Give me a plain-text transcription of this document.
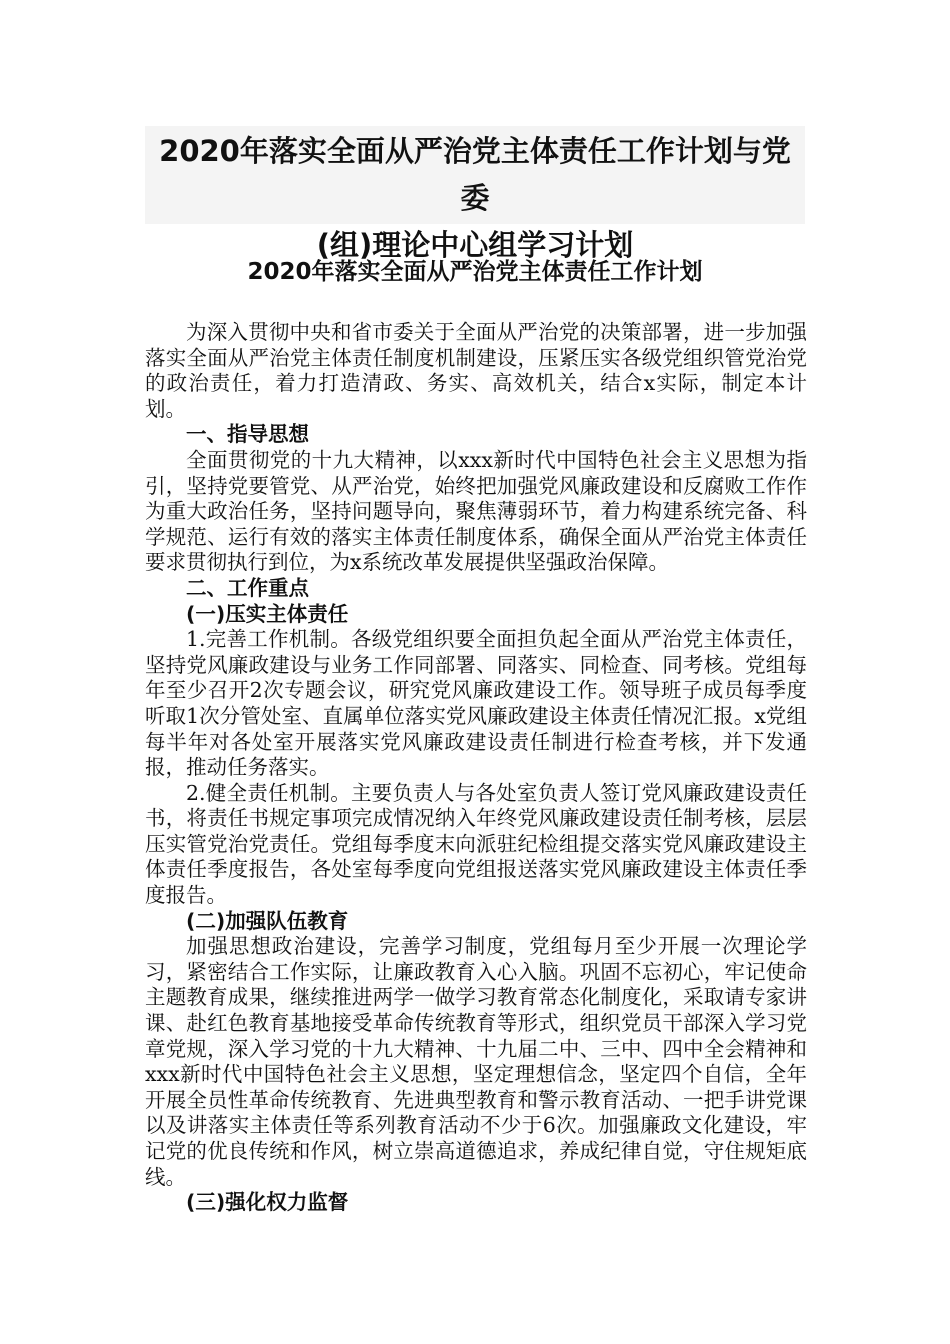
2020年落实全面从严治党主体责任工作计划与党委
(组)理论中心组学习计划
2020年落实全面从严治党主体责任工作计划

为深入贯彻中央和省市委关于全面从严治党的决策部署，进一步加强落实全面从严治党主体责任制度机制建设，压紧压实各级党组织管党治党的政治责任，着力打造清政、务实、高效机关，结合x实际，制定本计划。

一、指导思想

全面贯彻党的十九大精神，以xxx新时代中国特色社会主义思想为指引，坚持党要管党、从严治党，始终把加强党风廉政建设和反腐败工作作为重大政治任务，坚持问题导向，聚焦薄弱环节，着力构建系统完备、科学规范、运行有效的落实主体责任制度体系，确保全面从严治党主体责任要求贯彻执行到位，为x系统改革发展提供坚强政治保障。

二、工作重点

(一)压实主体责任

1.完善工作机制。各级党组织要全面担负起全面从严治党主体责任，坚持党风廉政建设与业务工作同部署、同落实、同检查、同考核。党组每年至少召开2次专题会议，研究党风廉政建设工作。领导班子成员每季度听取1次分管处室、直属单位落实党风廉政建设主体责任情况汇报。x党组每半年对各处室开展落实党风廉政建设责任制进行检查考核，并下发通报，推动任务落实。

2.健全责任机制。主要负责人与各处室负责人签订党风廉政建设责任书，将责任书规定事项完成情况纳入年终党风廉政建设责任制考核，层层压实管党治党责任。党组每季度末向派驻纪检组提交落实党风廉政建设主体责任季度报告，各处室每季度向党组报送落实党风廉政建设主体责任季度报告。

(二)加强队伍教育

加强思想政治建设，完善学习制度，党组每月至少开展一次理论学习，紧密结合工作实际，让廉政教育入心入脑。巩固不忘初心，牢记使命主题教育成果，继续推进两学一做学习教育常态化制度化，采取请专家讲课、赴红色教育基地接受革命传统教育等形式，组织党员干部深入学习党章党规，深入学习党的十九大精神、十九届二中、三中、四中全会精神和xxx新时代中国特色社会主义思想，坚定理想信念，坚定四个自信，全年开展全员性革命传统教育、先进典型教育和警示教育活动、一把手讲党课以及讲落实主体责任等系列教育活动不少于6次。加强廉政文化建设，牢记党的优良传统和作风，树立崇高道德追求，养成纪律自觉，守住规矩底线。

(三)强化权力监督
